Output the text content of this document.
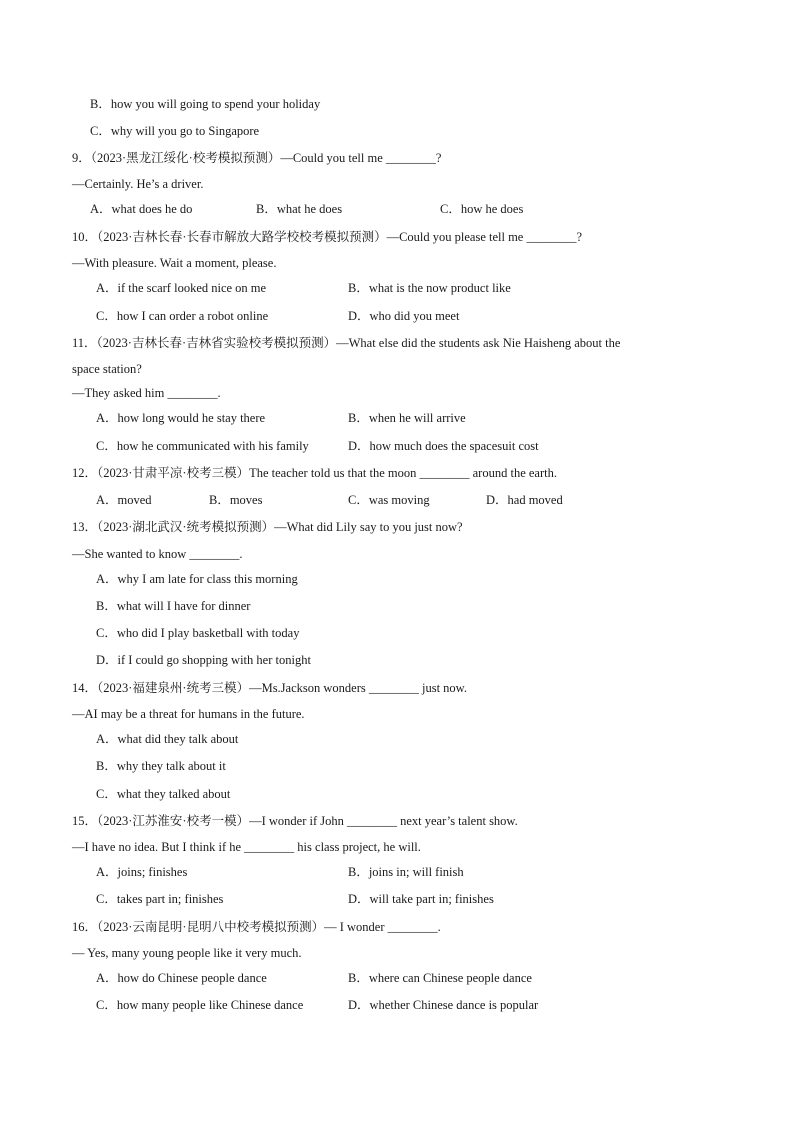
B．how you will going to spend your holiday
C．why will you go to Singapore
9．（2023·黑龙江绥化·校考模拟预测）—Could you tell me ________?
—Certainly. He’s a driver.
A．what does he do	B．what he does	C．how he does
10．（2023·吉林长春·长春市解放大路学校校考模拟预测）—Could you please tell me ________?
—With pleasure. Wait a moment, please.
A．if the scarf looked nice on me	B．what is the now product like
C．how I can order a robot online	D．who did you meet
11．（2023·吉林长春·吉林省实验校考模拟预测）—What else did the students ask Nie Haisheng about the
space station?
—They asked him ________.
A．how long would he stay there	B．when he will arrive
C．how he communicated with his family	D．how much does the spacesuit cost
12．（2023·甘肃平凉·校考三模）The teacher told us that the moon ________ around the earth.
A．moved	B．moves	C．was moving	D．had moved
13．（2023·湖北武汉·统考模拟预测）—What did Lily say to you just now?
—She wanted to know ________.
A．why I am late for class this morning
B．what will I have for dinner
C．who did I play basketball with today
D．if I could go shopping with her tonight
14．（2023·福建泉州·统考三模）—Ms.Jackson wonders ________ just now.
—AI may be a threat for humans in the future.
A．what did they talk about
B．why they talk about it
C．what they talked about
15．（2023·江苏淮安·校考一模）—I wonder if John ________ next year’s talent show.
—I have no idea. But I think if he ________ his class project, he will.
A．joins; finishes	B．joins in; will finish
C．takes part in; finishes	D．will take part in; finishes
16．（2023·云南昆明·昆明八中校考模拟预测）— I wonder ________.
— Yes, many young people like it very much.
A．how do Chinese people dance	B．where can Chinese people dance
C．how many people like Chinese dance	D．whether Chinese dance is popular
